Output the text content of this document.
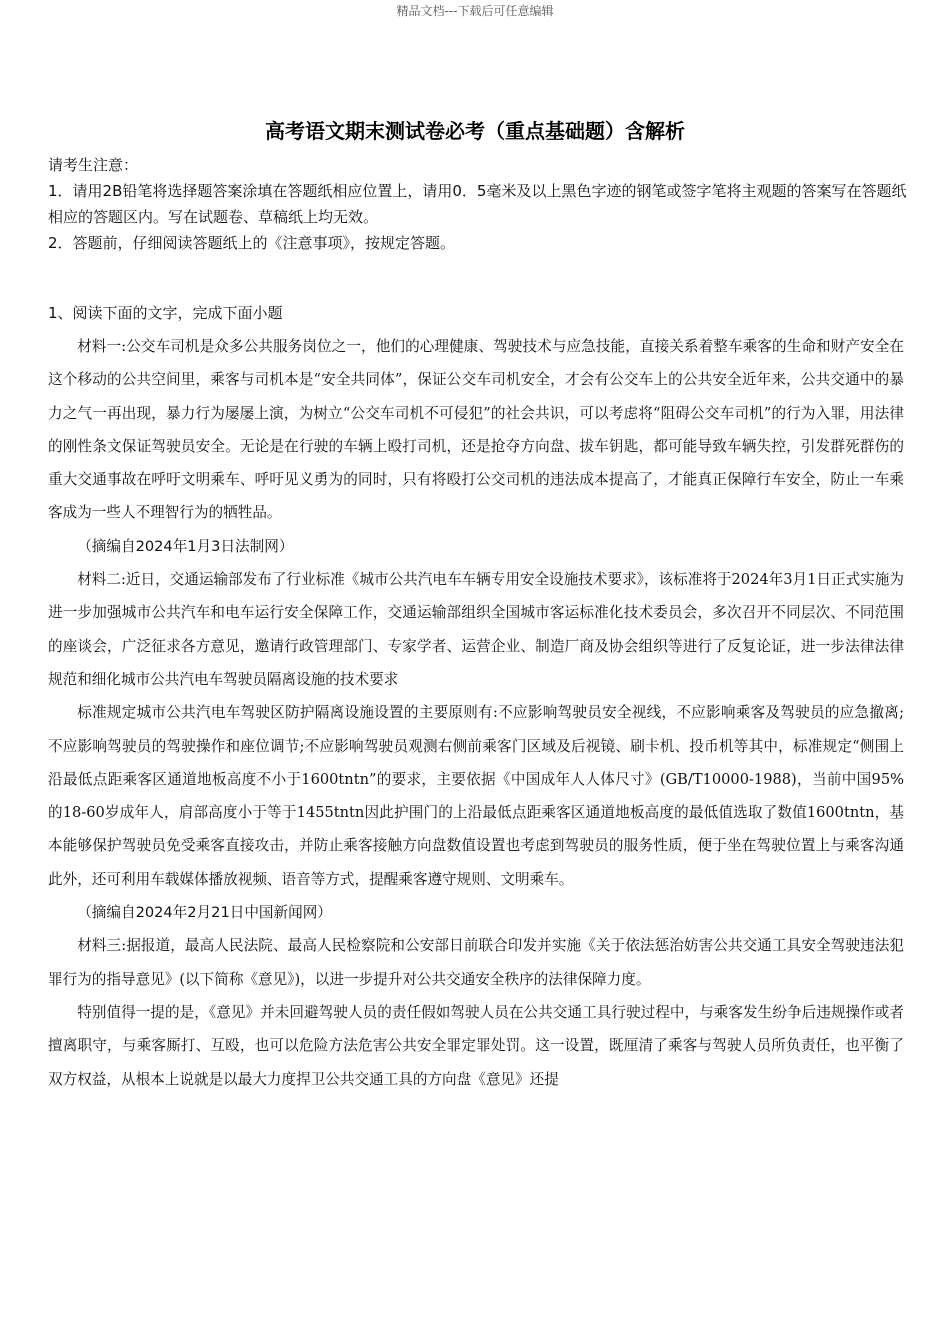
精品文档---下载后可任意编辑
高考语文期末测试卷必考（重点基础题）含解析

请考生注意：

1．请用2B铅笔将选择题答案涂填在答题纸相应位置上，请用0．5毫米及以上黑色字迹的钢笔或签字笔将主观题的答案写在答题纸相应的答题区内。写在试题卷、草稿纸上均无效。

2．答题前，仔细阅读答题纸上的《注意事项》，按规定答题。

1、阅读下面的文字，完成下面小题

材料一:公交车司机是众多公共服务岗位之一，他们的心理健康、驾驶技术与应急技能，直接关系着整车乘客的生命和财产安全在这个移动的公共空间里，乘客与司机本是“安全共同体”，保证公交车司机安全，才会有公交车上的公共安全近年来，公共交通中的暴力之气一再出现，暴力行为屡屡上演，为树立“公交车司机不可侵犯”的社会共识，可以考虑将“阻碍公交车司机”的行为入罪，用法律的刚性条文保证驾驶员安全。无论是在行驶的车辆上殴打司机，还是抢夺方向盘、拔车钥匙，都可能导致车辆失控，引发群死群伤的重大交通事故在呼吁文明乘车、呼吁见义勇为的同时，只有将殴打公交司机的违法成本提高了，才能真正保障行车安全，防止一车乘客成为一些人不理智行为的牺牲品。

（摘编自2024年1月3日法制网）

材料二:近日，交通运输部发布了行业标准《城市公共汽电车车辆专用安全设施技术要求》，该标准将于2024年3月1日正式实施为进一步加强城市公共汽车和电车运行安全保障工作，交通运输部组织全国城市客运标准化技术委员会，多次召开不同层次、不同范围的座谈会，广泛征求各方意见，邀请行政管理部门、专家学者、运营企业、制造厂商及协会组织等进行了反复论证，进一步法律法律规范和细化城市公共汽电车驾驶员隔离设施的技术要求

标准规定城市公共汽电车驾驶区防护隔离设施设置的主要原则有:不应影响驾驶员安全视线，不应影响乘客及驾驶员的应急撤离;不应影响驾驶员的驾驶操作和座位调节;不应影响驾驶员观测右侧前乘客门区域及后视镜、刷卡机、投币机等其中，标准规定“侧围上沿最低点距乘客区通道地板高度不小于1600tntn”的要求，主要依据《中国成年人人体尺寸》(GB/T10000-1988)，当前中国95%的18-60岁成年人，肩部高度小于等于1455tntn因此护围门的上沿最低点距乘客区通道地板高度的最低值选取了数值1600tntn，基本能够保护驾驶员免受乘客直接攻击，并防止乘客接触方向盘数值设置也考虑到驾驶员的服务性质，便于坐在驾驶位置上与乘客沟通此外，还可利用车载媒体播放视频、语音等方式，提醒乘客遵守规则、文明乘车。

（摘编自2024年2月21日中国新闻网）

材料三:据报道，最高人民法院、最高人民检察院和公安部日前联合印发并实施《关于依法惩治妨害公共交通工具安全驾驶违法犯罪行为的指导意见》(以下简称《意见》)，以进一步提升对公共交通安全秩序的法律保障力度。

特别值得一提的是，《意见》并未回避驾驶人员的责任假如驾驶人员在公共交通工具行驶过程中，与乘客发生纷争后违规操作或者擅离职守，与乘客厮打、互殴，也可以危险方法危害公共安全罪定罪处罚。这一设置，既厘清了乘客与驾驶人员所负责任，也平衡了双方权益，从根本上说就是以最大力度捍卫公共交通工具的方向盘《意见》还提
